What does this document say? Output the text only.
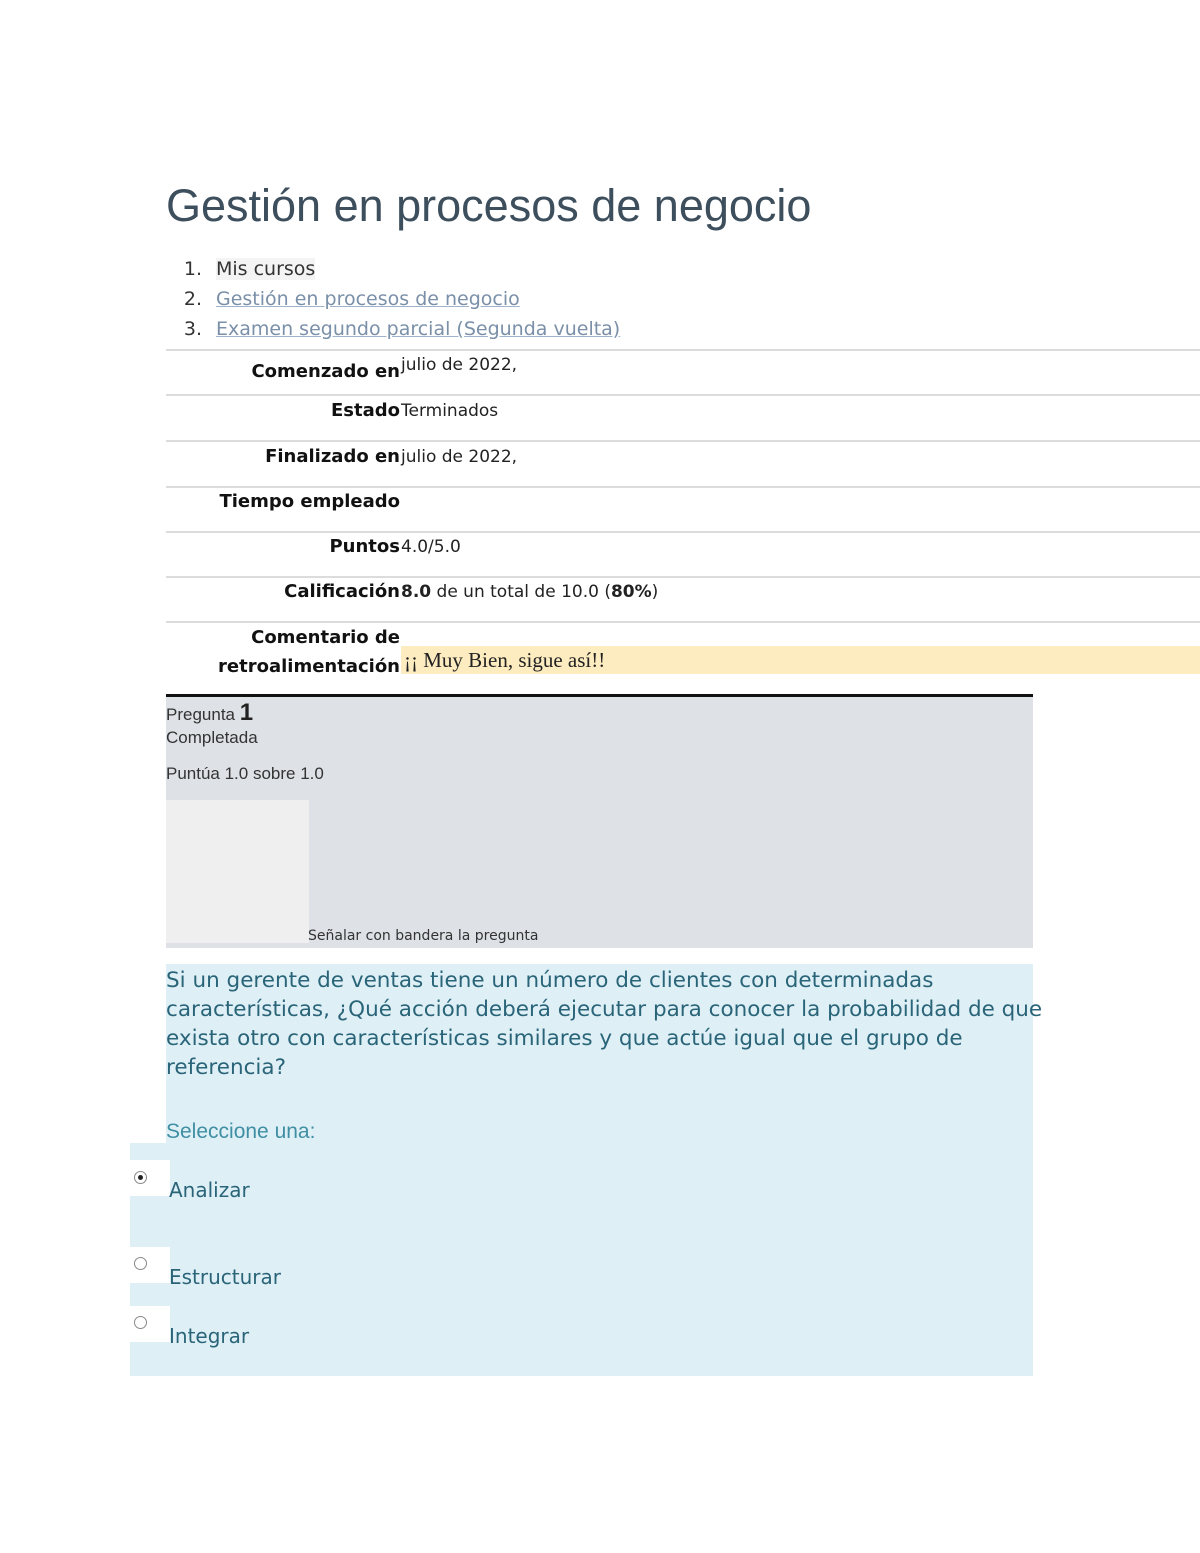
Gestión en procesos de negocio
1. Mis cursos
2. Gestión en procesos de negocio
3. Examen segundo parcial (Segunda vuelta)
Comenzado en julio de 2022,
Estado Terminados
Finalizado en julio de 2022,
Tiempo empleado
Puntos 4.0/5.0
Calificación 8.0 de un total de 10.0 (80%)
Comentario de
retroalimentación ¡¡ Muy Bien, sigue así!!
Pregunta 1
Completada
Puntúa 1.0 sobre 1.0
Señalar con bandera la pregunta
Si un gerente de ventas tiene un número de clientes con determinadas características, ¿Qué acción deberá ejecutar para conocer la probabilidad de que exista otro con características similares y que actúe igual que el grupo de referencia?
Seleccione una:
Analizar
Estructurar
Integrar
